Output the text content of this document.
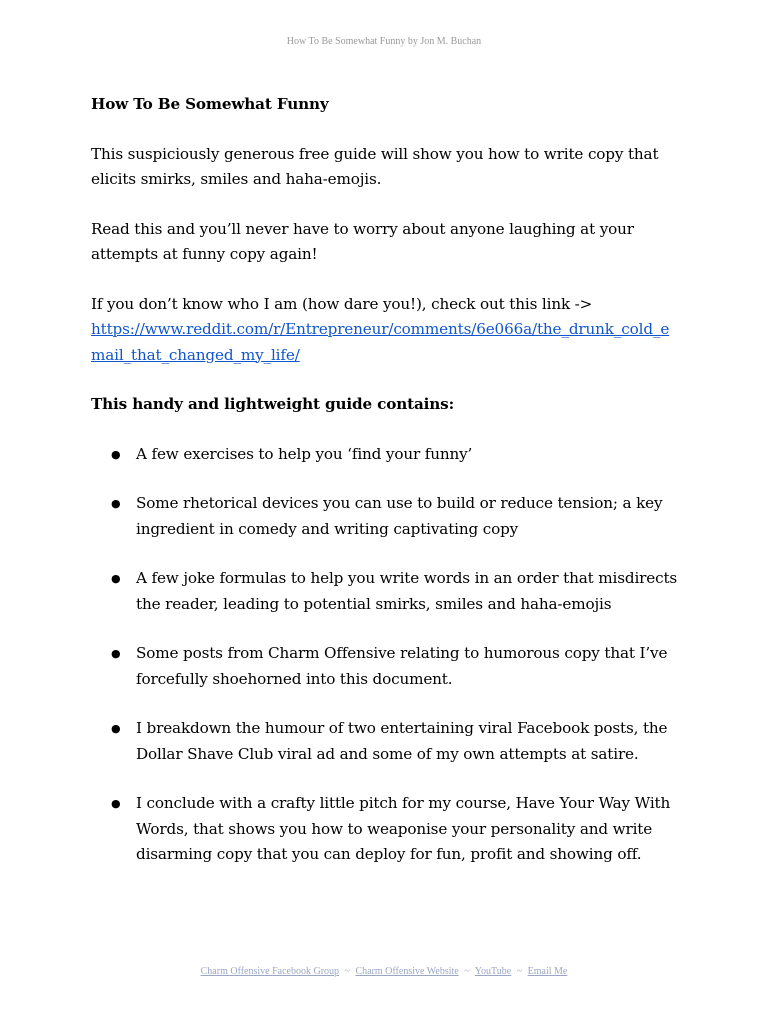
How To Be Somewhat Funny by Jon M. Buchan

How To Be Somewhat Funny

This suspiciously generous free guide will show you how to write copy that elicits smirks, smiles and haha-emojis.

Read this and you’ll never have to worry about anyone laughing at your attempts at funny copy again!

If you don’t know who I am (how dare you!), check out this link ->
https://www.reddit.com/r/Entrepreneur/comments/6e066a/the_drunk_cold_email_that_changed_my_life/

This handy and lightweight guide contains:

● A few exercises to help you ‘find your funny’
● Some rhetorical devices you can use to build or reduce tension; a key ingredient in comedy and writing captivating copy
● A few joke formulas to help you write words in an order that misdirects the reader, leading to potential smirks, smiles and haha-emojis
● Some posts from Charm Offensive relating to humorous copy that I’ve forcefully shoehorned into this document.
● I breakdown the humour of two entertaining viral Facebook posts, the Dollar Shave Club viral ad and some of my own attempts at satire.
● I conclude with a crafty little pitch for my course, Have Your Way With Words, that shows you how to weaponise your personality and write disarming copy that you can deploy for fun, profit and showing off.
Charm Offensive Facebook Group ~ Charm Offensive Website ~ YouTube ~ Email Me
